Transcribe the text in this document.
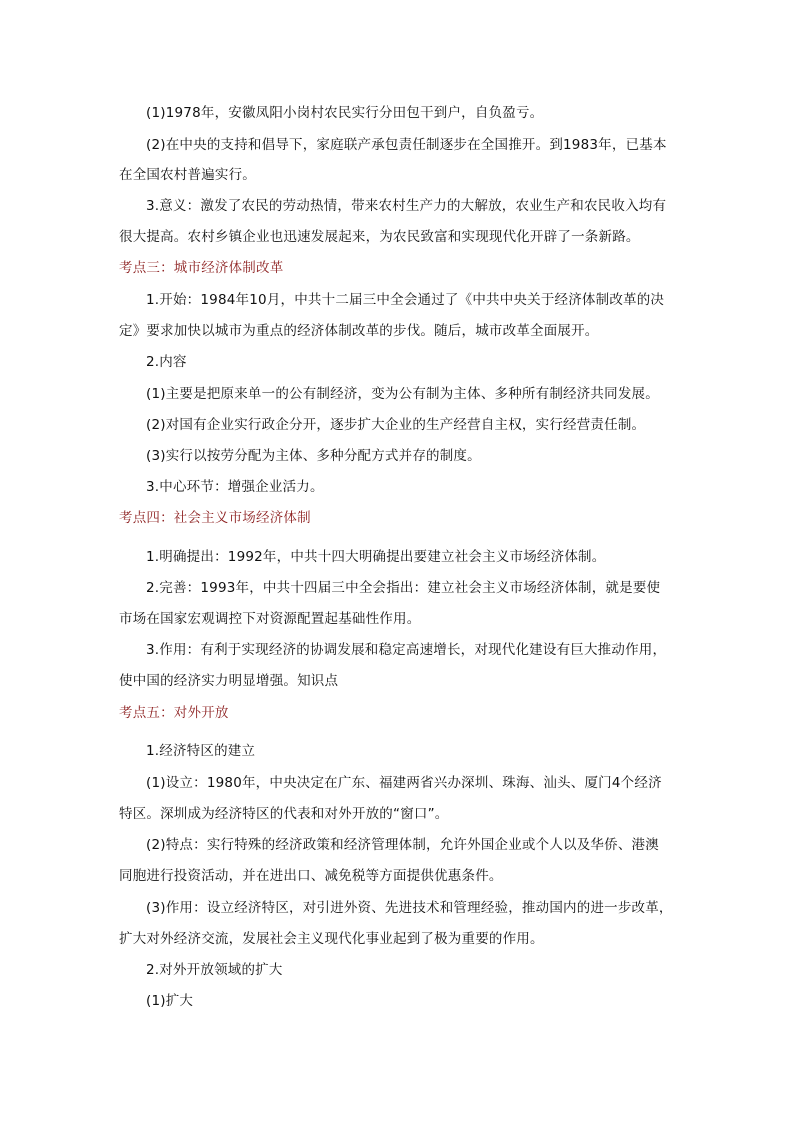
(1)1978年，安徽凤阳小岗村农民实行分田包干到户，自负盈亏。
(2)在中央的支持和倡导下，家庭联产承包责任制逐步在全国推开。到1983年，已基本
在全国农村普遍实行。
3.意义：激发了农民的劳动热情，带来农村生产力的大解放，农业生产和农民收入均有
很大提高。农村乡镇企业也迅速发展起来，为农民致富和实现现代化开辟了一条新路。
考点三：城市经济体制改革
1.开始：1984年10月，中共十二届三中全会通过了《中共中央关于经济体制改革的决
定》要求加快以城市为重点的经济体制改革的步伐。随后，城市改革全面展开。
2.内容
(1)主要是把原来单一的公有制经济，变为公有制为主体、多种所有制经济共同发展。
(2)对国有企业实行政企分开，逐步扩大企业的生产经营自主权，实行经营责任制。
(3)实行以按劳分配为主体、多种分配方式并存的制度。
3.中心环节：增强企业活力。
考点四：社会主义市场经济体制
1.明确提出：1992年，中共十四大明确提出要建立社会主义市场经济体制。
2.完善：1993年，中共十四届三中全会指出：建立社会主义市场经济体制，就是要使
市场在国家宏观调控下对资源配置起基础性作用。
3.作用：有利于实现经济的协调发展和稳定高速增长，对现代化建设有巨大推动作用，
使中国的经济实力明显增强。知识点
考点五：对外开放
1.经济特区的建立
(1)设立：1980年，中央决定在广东、福建两省兴办深圳、珠海、汕头、厦门4个经济
特区。深圳成为经济特区的代表和对外开放的“窗口”。
(2)特点：实行特殊的经济政策和经济管理体制，允许外国企业或个人以及华侨、港澳
同胞进行投资活动，并在进出口、减免税等方面提供优惠条件。
(3)作用：设立经济特区，对引进外资、先进技术和管理经验，推动国内的进一步改革，
扩大对外经济交流，发展社会主义现代化事业起到了极为重要的作用。
2.对外开放领域的扩大
(1)扩大
